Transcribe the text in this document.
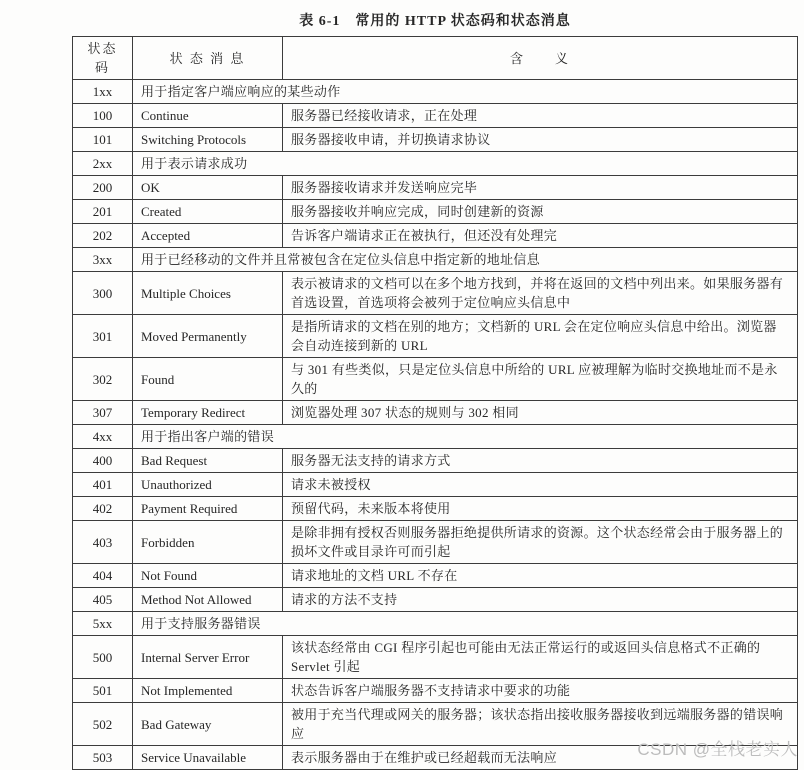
表 6-1　常用的 HTTP 状态码和状态消息
状态码	状 态 消 息	含　　义
1xx	用于指定客户端应响应的某些动作	
100	Continue	服务器已经接收请求，正在处理
101	Switching Protocols	服务器接收申请，并切换请求协议
2xx	用于表示请求成功	
200	OK	服务器接收请求并发送响应完毕
201	Created	服务器接收并响应完成，同时创建新的资源
202	Accepted	告诉客户端请求正在被执行，但还没有处理完
3xx	用于已经移动的文件并且常被包含在定位头信息中指定新的地址信息	
300	Multiple Choices	表示被请求的文档可以在多个地方找到，并将在返回的文档中列出来。如果服务器有首选设置，首选项将会被列于定位响应头信息中
301	Moved Permanently	是指所请求的文档在别的地方；文档新的 URL 会在定位响应头信息中给出。浏览器会自动连接到新的 URL
302	Found	与 301 有些类似，只是定位头信息中所给的 URL 应被理解为临时交换地址而不是永久的
307	Temporary Redirect	浏览器处理 307 状态的规则与 302 相同
4xx	用于指出客户端的错误	
400	Bad Request	服务器无法支持的请求方式
401	Unauthorized	请求未被授权
402	Payment Required	预留代码，未来版本将使用
403	Forbidden	是除非拥有授权否则服务器拒绝提供所请求的资源。这个状态经常会由于服务器上的损坏文件或目录许可而引起
404	Not Found	请求地址的文档 URL 不存在
405	Method Not Allowed	请求的方法不支持
5xx	用于支持服务器错误	
500	Internal Server Error	该状态经常由 CGI 程序引起也可能由无法正常运行的或返回头信息格式不正确的 Servlet 引起
501	Not Implemented	状态告诉客户端服务器不支持请求中要求的功能
502	Bad Gateway	被用于充当代理或网关的服务器；该状态指出接收服务器接收到远端服务器的错误响应
503	Service Unavailable	表示服务器由于在维护或已经超载而无法响应	CSDN @全栈老实人
